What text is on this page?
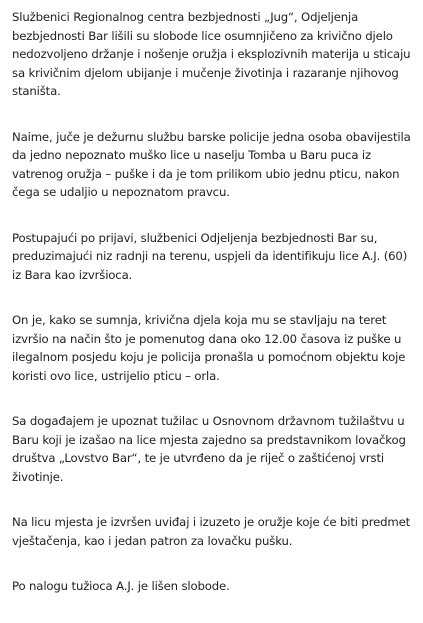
Službenici Regionalnog centra bezbjednosti „Jug“, Odjeljenja bezbjednosti Bar lišili su slobode lice osumnjičeno za krivično djelo nedozvoljeno držanje i nošenje oružja i eksplozivnih materija u sticaju sa krivičnim djelom ubijanje i mučenje životinja i razaranje njihovog staništa.

Naime, juče je dežurnu službu barske policije jedna osoba obavijestila da jedno nepoznato muško lice u naselju Tomba u Baru puca iz vatrenog oružja – puške i da je tom prilikom ubio jednu pticu, nakon čega se udaljio u nepoznatom pravcu.

Postupajući po prijavi, službenici Odjeljenja bezbjednosti Bar su, preduzimajući niz radnji na terenu, uspjeli da identifikuju lice A.J. (60) iz Bara kao izvršioca.

On je, kako se sumnja, krivična djela koja mu se stavljaju na teret izvršio na način što je pomenutog dana oko 12.00 časova iz puške u ilegalnom posjedu koju je policija pronašla u pomoćnom objektu koje koristi ovo lice, ustrijelio pticu – orla.

Sa događajem je upoznat tužilac u Osnovnom državnom tužilaštvu u Baru koji je izašao na lice mjesta zajedno sa predstavnikom lovačkog društva „Lovstvo Bar“, te je utvrđeno da je riječ o zaštićenoj vrsti životinje.

Na licu mjesta je izvršen uviđaj i izuzeto je oružje koje će biti predmet vještačenja, kao i jedan patron za lovačku pušku.

Po nalogu tužioca A.J. je lišen slobode.
